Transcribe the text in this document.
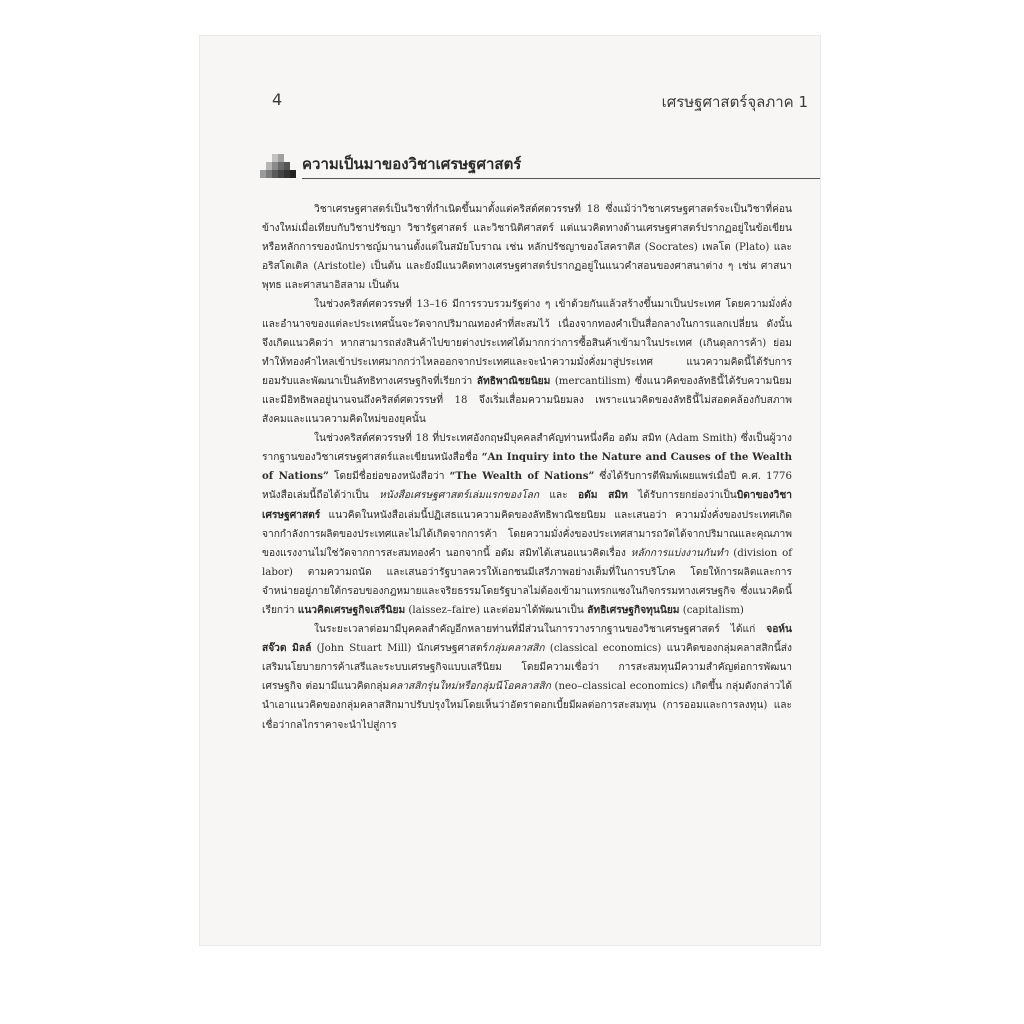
4	เศรษฐศาสตร์จุลภาค 1
ความเป็นมาของวิชาเศรษฐศาสตร์

วิชาเศรษฐศาสตร์เป็นวิชาที่กำเนิดขึ้นมาตั้งแต่คริสต์ศตวรรษที่ 18 ซึ่งแม้ว่าวิชาเศรษฐศาสตร์จะเป็นวิชาที่ค่อนข้างใหม่เมื่อเทียบกับวิชาปรัชญา วิชารัฐศาสตร์ และวิชานิติศาสตร์ แต่แนวคิดทางด้านเศรษฐศาสตร์ปรากฏอยู่ในข้อเขียนหรือหลักการของนักปราชญ์มานานตั้งแต่ในสมัยโบราณ เช่น หลักปรัชญาของโสคราติส (Socrates) เพลโต (Plato) และอริสโตเติล (Aristotle) เป็นต้น และยังมีแนวคิดทางเศรษฐศาสตร์ปรากฏอยู่ในแนวคำสอนของศาสนาต่าง ๆ เช่น ศาสนาพุทธ และศาสนาอิสลาม เป็นต้น

ในช่วงคริสต์ศตวรรษที่ 13–16 มีการรวบรวมรัฐต่าง ๆ เข้าด้วยกันแล้วสร้างขึ้นมาเป็นประเทศ โดยความมั่งคั่งและอำนาจของแต่ละประเทศนั้นจะวัดจากปริมาณทองคำที่สะสมไว้ เนื่องจากทองคำเป็นสื่อกลางในการแลกเปลี่ยน ดังนั้นจึงเกิดแนวคิดว่า หากสามารถส่งสินค้าไปขายต่างประเทศได้มากกว่าการซื้อสินค้าเข้ามาในประเทศ (เกินดุลการค้า) ย่อมทำให้ทองคำไหลเข้าประเทศมากกว่าไหลออกจากประเทศและจะนำความมั่งคั่งมาสู่ประเทศ แนวความคิดนี้ได้รับการยอมรับและพัฒนาเป็นลัทธิทางเศรษฐกิจที่เรียกว่า ลัทธิพาณิชยนิยม (mercantilism) ซึ่งแนวคิดของลัทธินี้ได้รับความนิยมและมีอิทธิพลอยู่นานจนถึงคริสต์ศตวรรษที่ 18 จึงเริ่มเสื่อมความนิยมลง เพราะแนวคิดของลัทธินี้ไม่สอดคล้องกับสภาพสังคมและแนวความคิดใหม่ของยุคนั้น

ในช่วงคริสต์ศตวรรษที่ 18 ที่ประเทศอังกฤษมีบุคคลสำคัญท่านหนึ่งคือ อดัม สมิท (Adam Smith) ซึ่งเป็นผู้วางรากฐานของวิชาเศรษฐศาสตร์และเขียนหนังสือชื่อ “An Inquiry into the Nature and Causes of the Wealth of Nations” โดยมีชื่อย่อของหนังสือว่า “The Wealth of Nations” ซึ่งได้รับการตีพิมพ์เผยแพร่เมื่อปี ค.ศ. 1776 หนังสือเล่มนี้ถือได้ว่าเป็น หนังสือเศรษฐศาสตร์เล่มแรกของโลก และ อดัม สมิท ได้รับการยกย่องว่าเป็นบิดาของวิชาเศรษฐศาสตร์ แนวคิดในหนังสือเล่มนี้ปฏิเสธแนวความคิดของลัทธิพาณิชยนิยม และเสนอว่า ความมั่งคั่งของประเทศเกิดจากกำลังการผลิตของประเทศและไม่ได้เกิดจากการค้า โดยความมั่งคั่งของประเทศสามารถวัดได้จากปริมาณและคุณภาพของแรงงานไม่ใช่วัดจากการสะสมทองคำ นอกจากนี้ อดัม สมิทได้เสนอแนวคิดเรื่อง หลักการแบ่งงานกันทำ (division of labor) ตามความถนัด และเสนอว่ารัฐบาลควรให้เอกชนมีเสรีภาพอย่างเต็มที่ในการบริโภค โดยให้การผลิตและการจำหน่ายอยู่ภายใต้กรอบของกฎหมายและจริยธรรมโดยรัฐบาลไม่ต้องเข้ามาแทรกแซงในกิจกรรมทางเศรษฐกิจ ซึ่งแนวคิดนี้เรียกว่า แนวคิดเศรษฐกิจเสรีนิยม (laissez–faire) และต่อมาได้พัฒนาเป็น ลัทธิเศรษฐกิจทุนนิยม (capitalism)

ในระยะเวลาต่อมามีบุคคลสำคัญอีกหลายท่านที่มีส่วนในการวางรากฐานของวิชาเศรษฐศาสตร์ ได้แก่ จอห์น สจ๊วต มิลล์ (John Stuart Mill) นักเศรษฐศาสตร์กลุ่มคลาสสิก (classical economics) แนวคิดของกลุ่มคลาสสิกนี้ส่งเสริมนโยบายการค้าเสรีและระบบเศรษฐกิจแบบเสรีนิยม โดยมีความเชื่อว่า การสะสมทุนมีความสำคัญต่อการพัฒนาเศรษฐกิจ ต่อมามีแนวคิดกลุ่มคลาสสิกรุ่นใหม่หรือกลุ่มนีโอคลาสสิก (neo–classical economics) เกิดขึ้น กลุ่มดังกล่าวได้นำเอาแนวคิดของกลุ่มคลาสสิกมาปรับปรุงใหม่โดยเห็นว่าอัตราดอกเบี้ยมีผลต่อการสะสมทุน (การออมและการลงทุน) และเชื่อว่ากลไกราคาจะนำไปสู่การ
